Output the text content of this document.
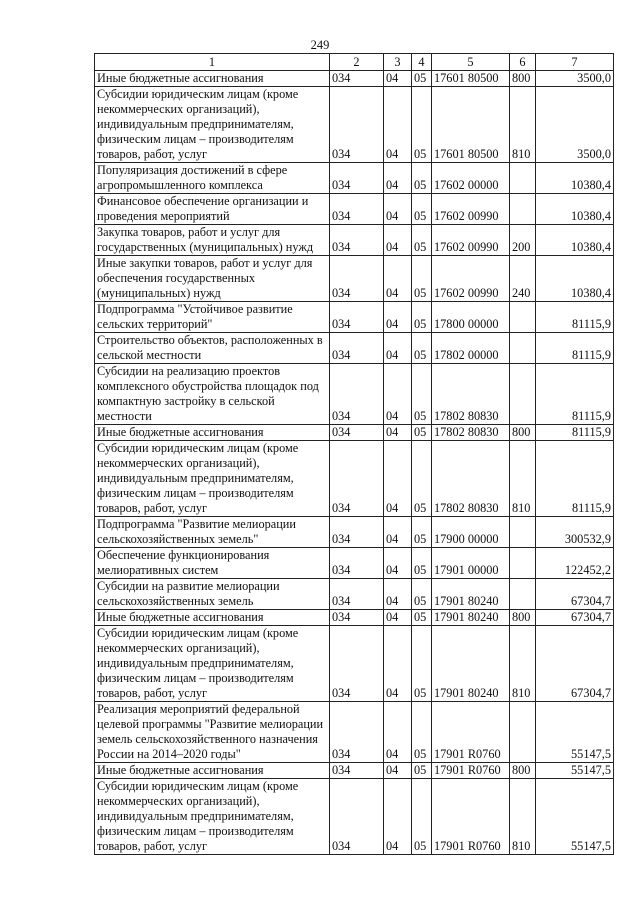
249
1	2	3	4	5	6	7
Иные бюджетные ассигнования	034	04	05	17601 80500	800	3500,0
Субсидии юридическим лицам (кроме некоммерческих организаций), индивидуальным предпринимателям, физическим лицам – производителям товаров, работ, услуг	034	04	05	17601 80500	810	3500,0
Популяризация достижений в сфере агропромышленного комплекса	034	04	05	17602 00000		10380,4
Финансовое обеспечение организации и проведения мероприятий	034	04	05	17602 00990		10380,4
Закупка товаров, работ и услуг для государственных (муниципальных) нужд	034	04	05	17602 00990	200	10380,4
Иные закупки товаров, работ и услуг для обеспечения государственных (муниципальных) нужд	034	04	05	17602 00990	240	10380,4
Подпрограмма "Устойчивое развитие сельских территорий"	034	04	05	17800 00000		81115,9
Строительство объектов, расположенных в сельской местности	034	04	05	17802 00000		81115,9
Субсидии на реализацию проектов комплексного обустройства площадок под компактную застройку в сельской местности	034	04	05	17802 80830		81115,9
Иные бюджетные ассигнования	034	04	05	17802 80830	800	81115,9
Субсидии юридическим лицам (кроме некоммерческих организаций), индивидуальным предпринимателям, физическим лицам – производителям товаров, работ, услуг	034	04	05	17802 80830	810	81115,9
Подпрограмма "Развитие мелиорации сельскохозяйственных земель"	034	04	05	17900 00000		300532,9
Обеспечение функционирования мелиоративных систем	034	04	05	17901 00000		122452,2
Субсидии на развитие мелиорации сельскохозяйственных земель	034	04	05	17901 80240		67304,7
Иные бюджетные ассигнования	034	04	05	17901 80240	800	67304,7
Субсидии юридическим лицам (кроме некоммерческих организаций), индивидуальным предпринимателям, физическим лицам – производителям товаров, работ, услуг	034	04	05	17901 80240	810	67304,7
Реализация мероприятий федеральной целевой программы "Развитие мелиорации земель сельскохозяйственного назначения России на 2014–2020 годы"	034	04	05	17901 R0760		55147,5
Иные бюджетные ассигнования	034	04	05	17901 R0760	800	55147,5
Субсидии юридическим лицам (кроме некоммерческих организаций), индивидуальным предпринимателям, физическим лицам – производителям товаров, работ, услуг	034	04	05	17901 R0760	810	55147,5
